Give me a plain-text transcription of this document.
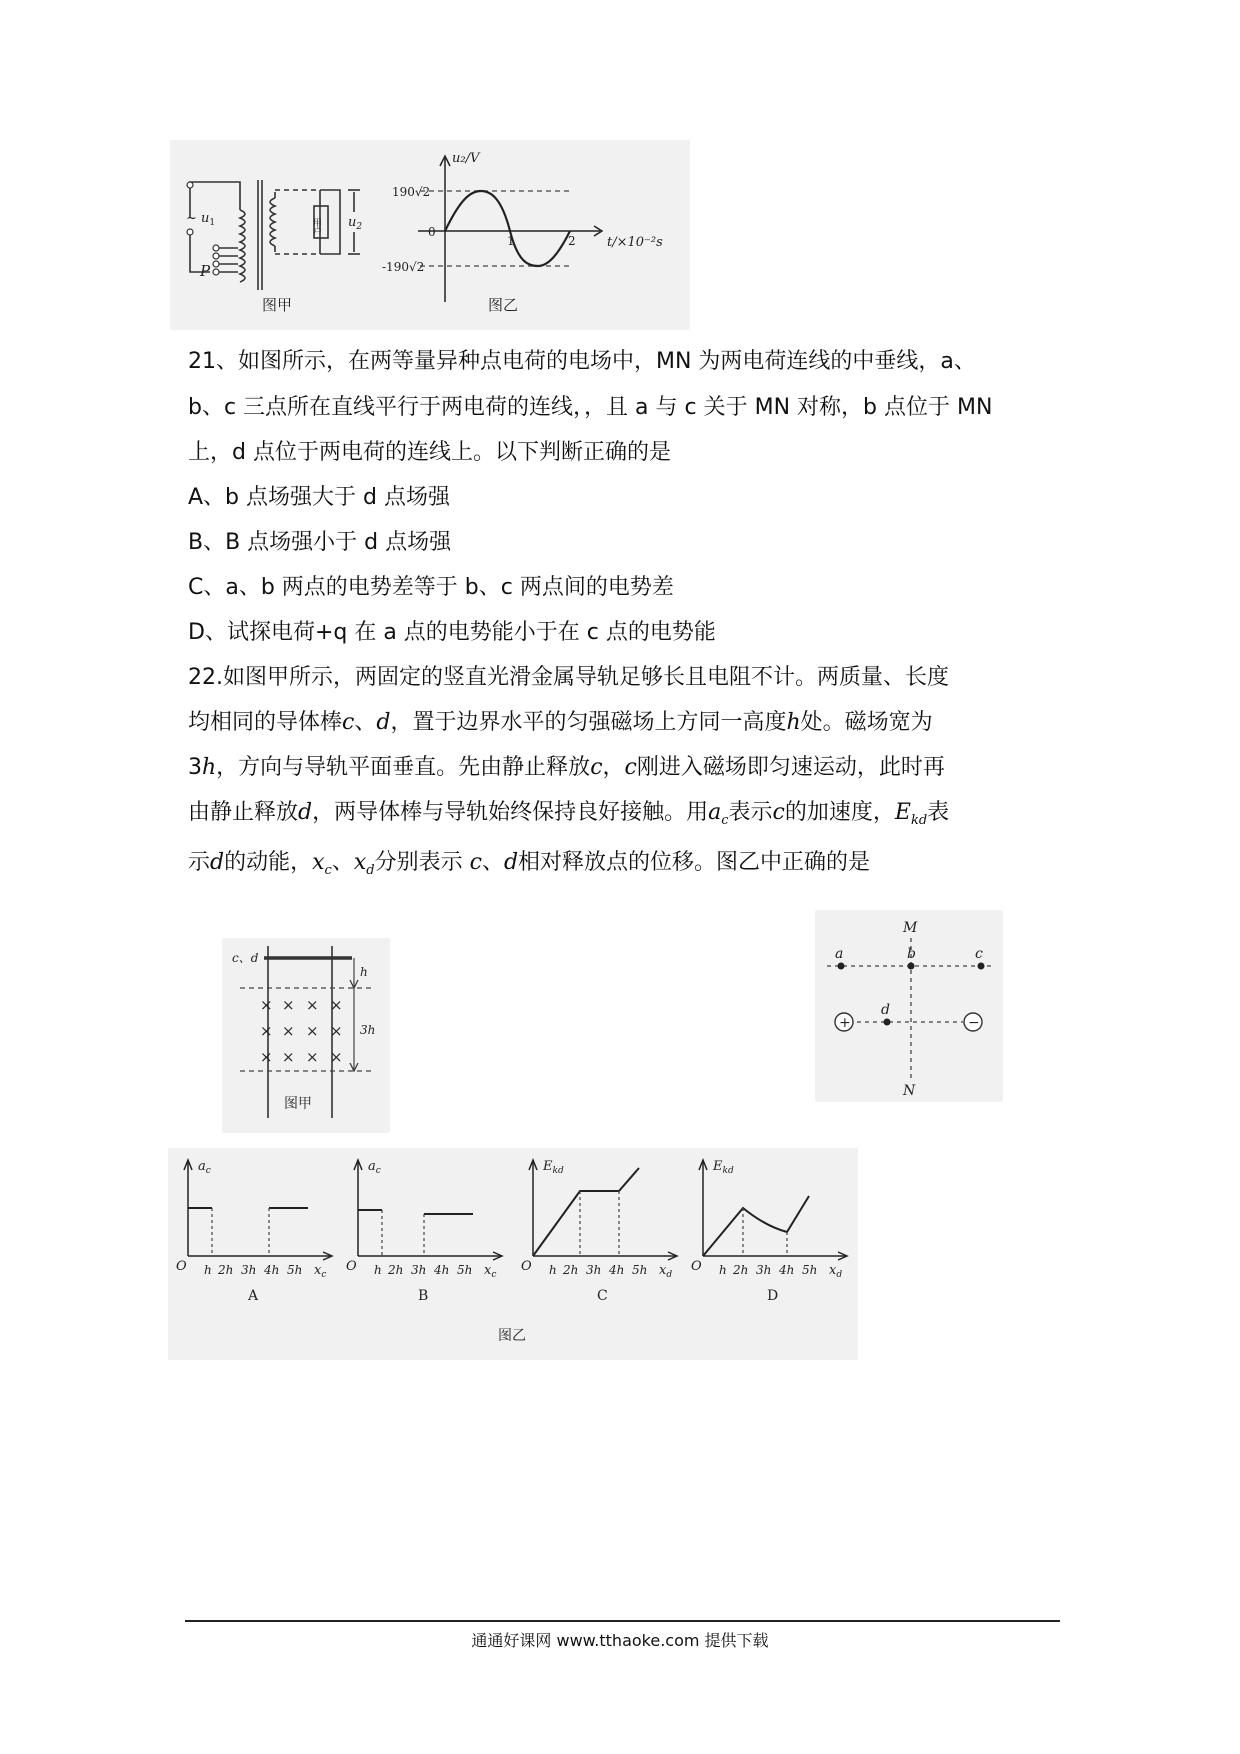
~ $u_1$
P
用户 $u_2$
图甲
u₂/V
t/×10⁻²s
190√2
0
-190√2
1	2
图乙
21、如图所示，在两等量异种点电荷的电场中，MN 为两电荷连线的中垂线，a、
b、c 三点所在直线平行于两电荷的连线，，且 a 与 c 关于 MN 对称，b 点位于 MN
上，d 点位于两电荷的连线上。以下判断正确的是
A、b 点场强大于 d 点场强
B、B 点场强小于 d 点场强
C、a、b 两点的电势差等于 b、c 两点间的电势差
D、试探电荷+q 在 a 点的电势能小于在 c 点的电势能
22.如图甲所示，两固定的竖直光滑金属导轨足够长且电阻不计。两质量、长度
均相同的导体棒c、d，置于边界水平的匀强磁场上方同一高度h处。磁场宽为
3h，方向与导轨平面垂直。先由静止释放c，c刚进入磁场即匀速运动，此时再
由静止释放d，两导体棒与导轨始终保持良好接触。用$a_c$表示c的加速度，$E_{kd}$表
示d的动能，$x_c$、$x_d$分别表示 c、d相对释放点的位移。图乙中正确的是
c、d
h
3h
× × × ×
× × × ×
× × × ×
图甲
+	−
M
N
a	b	c
d
$a_c$
O h 2h 3h 4h 5h $x_c$
A
$a_c$
O h 2h 3h 4h 5h $x_c$
B
$E_{kd}$
O h 2h 3h 4h 5h $x_d$
C
$E_{kd}$
O h 2h 3h 4h 5h $x_d$
D
图乙
通通好课网 www.tthaoke.com 提供下载
